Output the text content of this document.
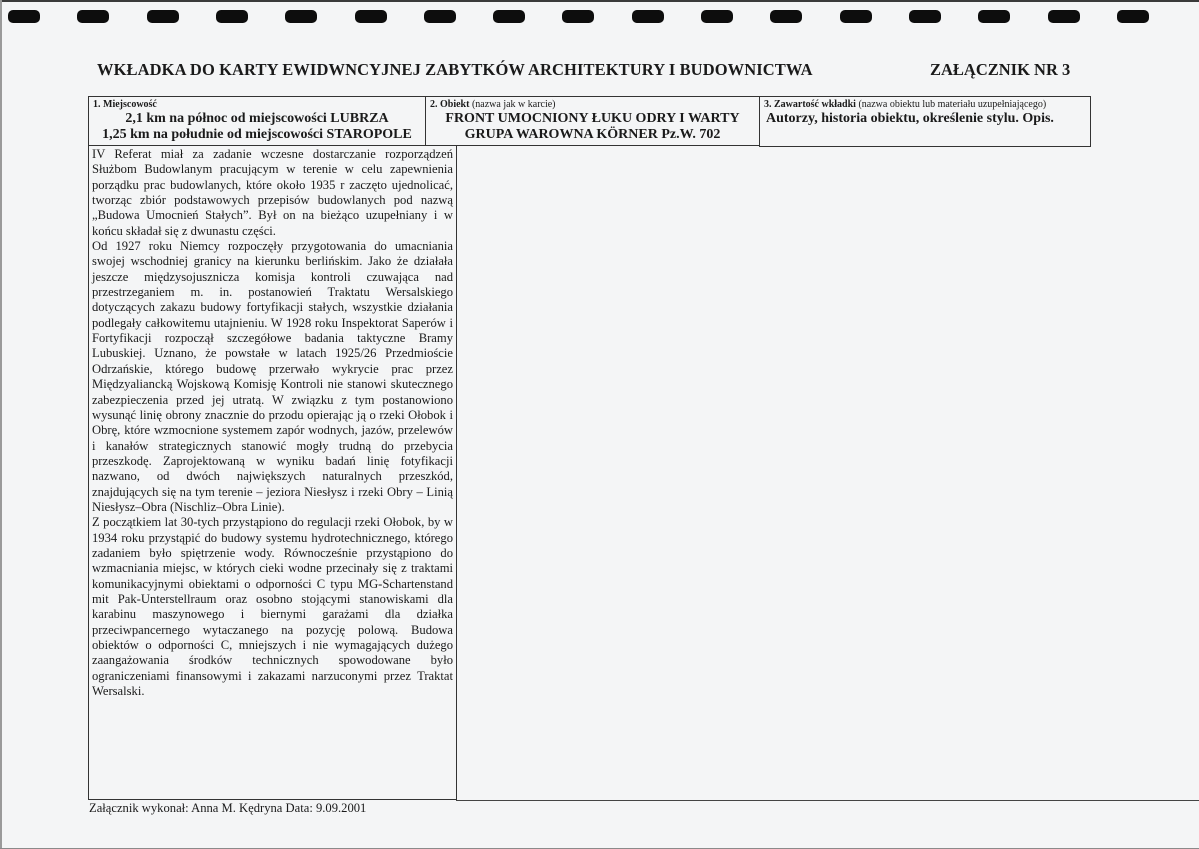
WKŁADKA DO KARTY EWIDWNCYJNEJ ZABYTKÓW ARCHITEKTURY I BUDOWNICTWA	ZAŁĄCZNIK NR 3
1. Miejscowość
2,1 km na północ od miejscowości LUBRZA
1,25 km na południe od miejscowości STAROPOLE
2. Obiekt (nazwa jak w karcie)
FRONT UMOCNIONY ŁUKU ODRY I WARTY
GRUPA WAROWNA KÖRNER Pz.W. 702
3. Zawartość wkładki (nazwa obiektu lub materiału uzupełniającego)
Autorzy, historia obiektu, określenie stylu. Opis.

IV Referat miał za zadanie wczesne dostarczanie rozporządzeń Służbom Budowlanym pracującym w terenie w celu zapewnienia porządku prac budowlanych, które około 1935 r zaczęto ujednolicać, tworząc zbiór podstawowych przepisów budowlanych pod nazwą „Budowa Umocnień Stałych”. Był on na bieżąco uzupełniany i w końcu składał się z dwunastu części.

Od 1927 roku Niemcy rozpoczęły przygotowania do umacniania swojej wschodniej granicy na kierunku berlińskim. Jako że działała jeszcze międzysojusznicza komisja kontroli czuwająca nad przestrzeganiem m. in. postanowień Traktatu Wersalskiego dotyczących zakazu budowy fortyfikacji stałych, wszystkie działania podlegały całkowitemu utajnieniu. W 1928 roku Inspektorat Saperów i Fortyfikacji rozpoczął szczegółowe badania taktyczne Bramy Lubuskiej. Uznano, że powstałe w latach 1925/26 Przedmioście Odrzańskie, którego budowę przerwało wykrycie prac przez Międzyaliancką Wojskową Komisję Kontroli nie stanowi skutecznego zabezpieczenia przed jej utratą. W związku z tym postanowiono wysunąć linię obrony znacznie do przodu opierając ją o rzeki Ołobok i Obrę, które wzmocnione systemem zapór wodnych, jazów, przelewów i kanałów strategicznych stanowić mogły trudną do przebycia przeszkodę. Zaprojektowaną w wyniku badań linię fotyfikacji nazwano, od dwóch największych naturalnych przeszkód, znajdujących się na tym terenie – jeziora Niesłysz i rzeki Obry – Linią Niesłysz–Obra (Nischliz–Obra Linie).

Z początkiem lat 30-tych przystąpiono do regulacji rzeki Ołobok, by w 1934 roku przystąpić do budowy systemu hydrotechnicznego, którego zadaniem było spiętrzenie wody. Równocześnie przystąpiono do wzmacniania miejsc, w których cieki wodne przecinały się z traktami komunikacyjnymi obiektami o odporności C typu MG-Schartenstand mit Pak-Unterstellraum oraz osobno stojącymi stanowiskami dla karabinu maszynowego i biernymi garażami dla działka przeciwpancernego wytaczanego na pozycję polową. Budowa obiektów o odporności C, mniejszych i nie wymagających dużego zaangażowania środków technicznych spowodowane było ograniczeniami finansowymi i zakazami narzuconymi przez Traktat Wersalski.

Załącznik wykonał: Anna M. Kędryna Data: 9.09.2001
